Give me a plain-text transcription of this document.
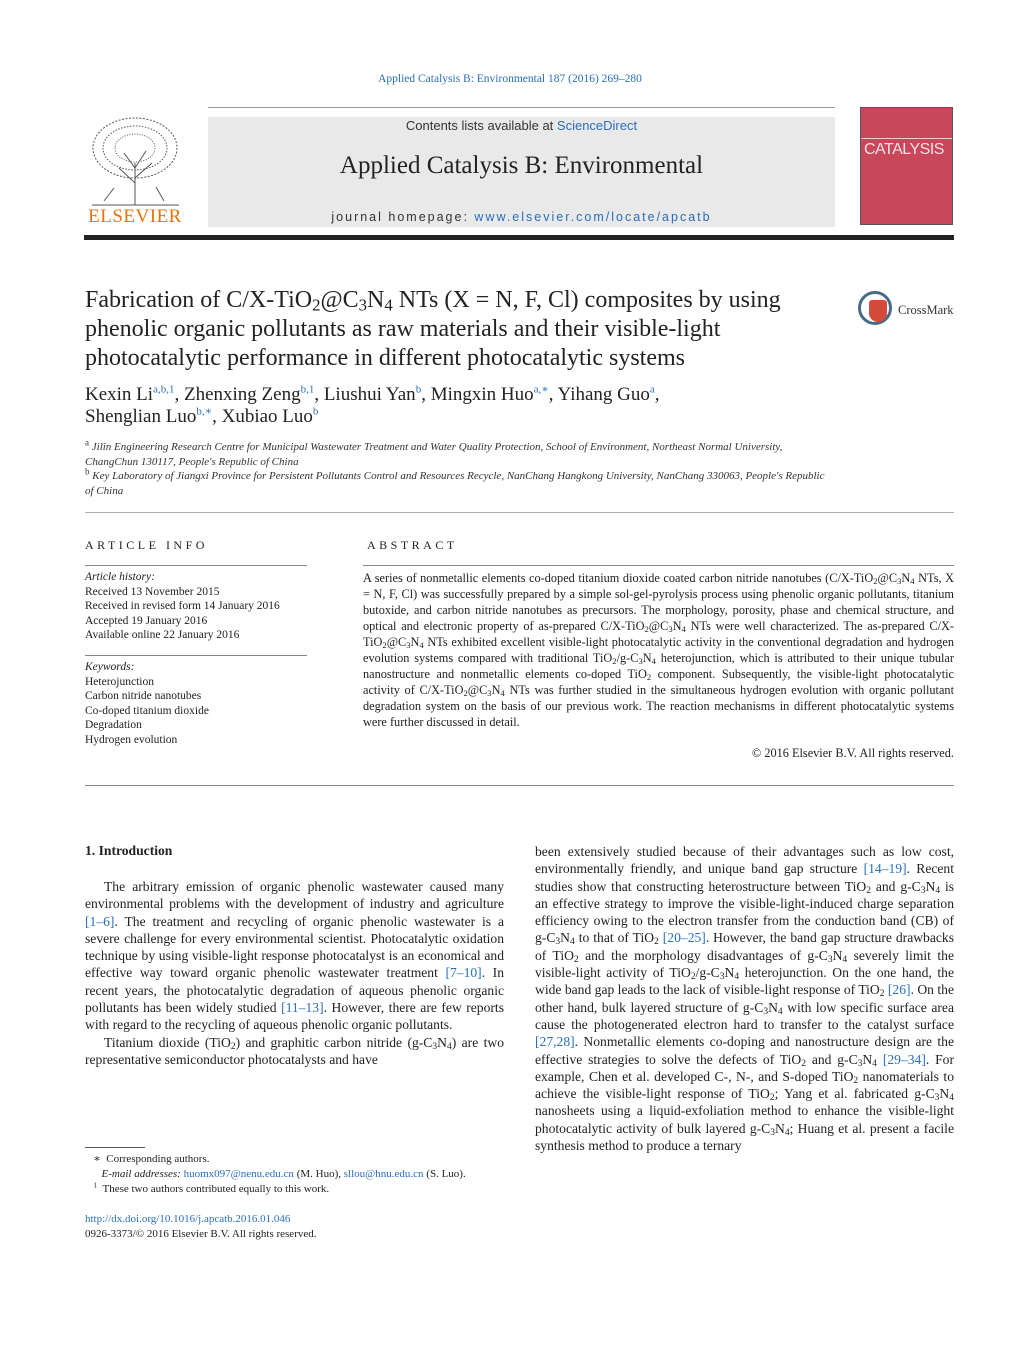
Applied Catalysis B: Environmental 187 (2016) 269–280
ELSEVIER
Contents lists available at ScienceDirect
Applied Catalysis B: Environmental
journal homepage: www.elsevier.com/locate/apcatb
CATALYSIS
Fabrication of $C/X-TiO_2@C_3N_4$ NTs (X = N, F, Cl) composites by using phenolic organic pollutants as raw materials and their visible-light photocatalytic performance in different photocatalytic systems
CrossMark
Kexin Li$^{a,b,1}$, Zhenxing Zeng$^{b,1}$, Liushui Yan$^b$, Mingxin Huo$^{a,∗}$, Yihang Guo$^a$,
Shenglian Luo$^{b,∗}$, Xubiao Luo$^b$
$^a$ Jilin Engineering Research Centre for Municipal Wastewater Treatment and Water Quality Protection, School of Environment, Northeast Normal University, ChangChun 130117, People's Republic of China
$^b$ Key Laboratory of Jiangxi Province for Persistent Pollutants Control and Resources Recycle, NanChang Hangkong University, NanChang 330063, People's Republic of China
ARTICLE INFO	ABSTRACT
Article history:
Received 13 November 2015
Received in revised form 14 January 2016
Accepted 19 January 2016
Available online 22 January 2016
Keywords:
Heterojunction
Carbon nitride nanotubes
Co-doped titanium dioxide
Degradation
Hydrogen evolution
A series of nonmetallic elements co-doped titanium dioxide coated carbon nitride nanotubes ($C/X-TiO_2@C_3N_4$ NTs, X = N, F, Cl) was successfully prepared by a simple sol-gel-pyrolysis process using phenolic organic pollutants, titanium butoxide, and carbon nitride nanotubes as precursors. The morphology, porosity, phase and chemical structure, and optical and electronic property of as-prepared $C/X-TiO_2@C_3N_4$ NTs were well characterized. The as-prepared $C/X-TiO_2@C_3N_4$ NTs exhibited excellent visible-light photocatalytic activity in the conventional degradation and hydrogen evolution systems compared with traditional $TiO_2/g-C_3N_4$ heterojunction, which is attributed to their unique tubular nanostructure and nonmetallic elements co-doped TiO$_2$ component. Subsequently, the visible-light photocatalytic activity of $C/X-TiO_2@C_3N_4$ NTs was further studied in the simultaneous hydrogen evolution with organic pollutant degradation system on the basis of our previous work. The reaction mechanisms in different photocatalytic systems were further discussed in detail.
© 2016 Elsevier B.V. All rights reserved.
1. Introduction

The arbitrary emission of organic phenolic wastewater caused many environmental problems with the development of industry and agriculture [1–6]. The treatment and recycling of organic phenolic wastewater is a severe challenge for every environmental scientist. Photocatalytic oxidation technique by using visible-light response photocatalyst is an economical and effective way toward organic phenolic wastewater treatment [7–10]. In recent years, the photocatalytic degradation of aqueous phenolic organic pollutants has been widely studied [11–13]. However, there are few reports with regard to the recycling of aqueous phenolic organic pollutants.

Titanium dioxide (TiO$_2$) and graphitic carbon nitride $(g-C_3N_4)$ are two representative semiconductor photocatalysts and have

been extensively studied because of their advantages such as low cost, environmentally friendly, and unique band gap structure [14–19]. Recent studies show that constructing heterostructure between TiO$_2$ and $g-C_3N_4$ is an effective strategy to improve the visible-light-induced charge separation efficiency owing to the electron transfer from the conduction band (CB) of $g-C_3N_4$ to that of TiO$_2$ [20–25]. However, the band gap structure drawbacks of TiO$_2$ and the morphology disadvantages of $g-C_3N_4$ severely limit the visible-light activity of $TiO_2/g-C_3N_4$ heterojunction. On the one hand, the wide band gap leads to the lack of visible-light response of TiO$_2$ [26]. On the other hand, bulk layered structure of $g-C_3N_4$ with low specific surface area cause the photogenerated electron hard to transfer to the catalyst surface [27,28]. Nonmetallic elements co-doping and nanostructure design are the effective strategies to solve the defects of TiO$_2$ and $g-C_3N_4$ [29–34]. For example, Chen et al. developed C-, N-, and S-doped TiO$_2$ nanomaterials to achieve the visible-light response of TiO$_2$; Yang et al. fabricated $g-C_3N_4$ nanosheets using a liquid-exfoliation method to enhance the visible-light photocatalytic activity of bulk layered $g-C_3N_4$; Huang et al. present a facile synthesis method to produce a ternary

∗ Corresponding authors.
E-mail addresses: huomx097@nenu.edu.cn (M. Huo), sllou@hnu.edu.cn (S. Luo).
$^1$ These two authors contributed equally to this work.
http://dx.doi.org/10.1016/j.apcatb.2016.01.046
0926-3373/© 2016 Elsevier B.V. All rights reserved.
